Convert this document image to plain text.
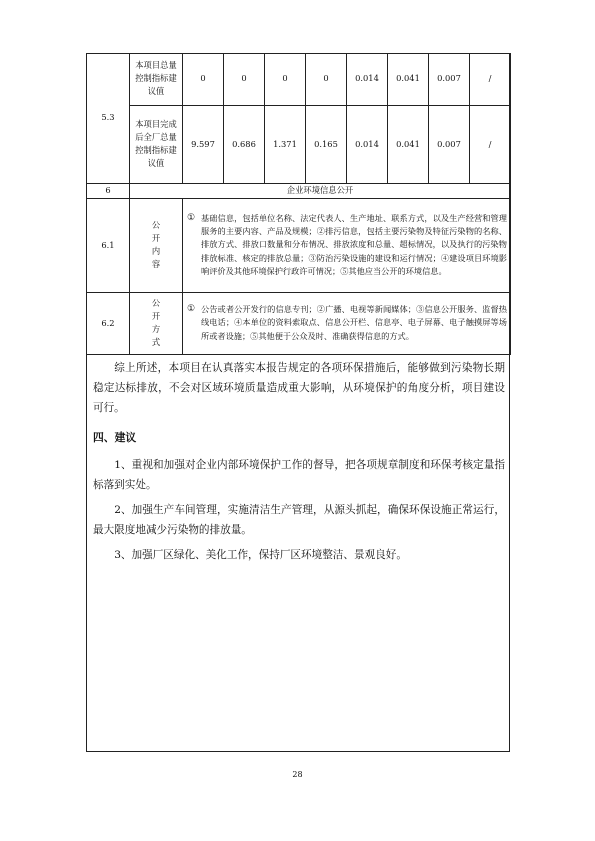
5.3	本项目总量控制指标建议值	0	0	0	0	0.014	0.041	0.007	/
	本项目完成后全厂总量控制指标建议值	9.597	0.686	1.371	0.165	0.014	0.041	0.007	/
6	企业环境信息公开								
6.1	公开内容	① 基础信息，包括单位名称、法定代表人、生产地址、联系方式，以及生产经营和管理服务的主要内容、产品及规模；②排污信息，包括主要污染物及特征污染物的名称、排放方式、排放口数量和分布情况、排放浓度和总量、超标情况，以及执行的污染物排放标准、核定的排放总量；③防治污染设施的建设和运行情况；④建设项目环境影响评价及其他环境保护行政许可情况；⑤其他应当公开的环境信息。							

6.2	公开方式	① 公告或者公开发行的信息专刊；②广播、电视等新闻媒体；③信息公开服务、监督热线电话；④本单位的资料索取点、信息公开栏、信息亭、电子屏幕、电子触摸屏等场所或者设施；⑤其他便于公众及时、准确获得信息的方式。							

综上所述，本项目在认真落实本报告规定的各项环保措施后，能够做到污染物长期稳定达标排放，不会对区域环境质量造成重大影响，从环境保护的角度分析，项目建设可行。

四、建议

1、重视和加强对企业内部环境保护工作的督导，把各项规章制度和环保考核定量指标落到实处。

2、加强生产车间管理，实施清洁生产管理，从源头抓起，确保环保设施正常运行，最大限度地减少污染物的排放量。

3、加强厂区绿化、美化工作，保持厂区环境整洁、景观良好。

28
